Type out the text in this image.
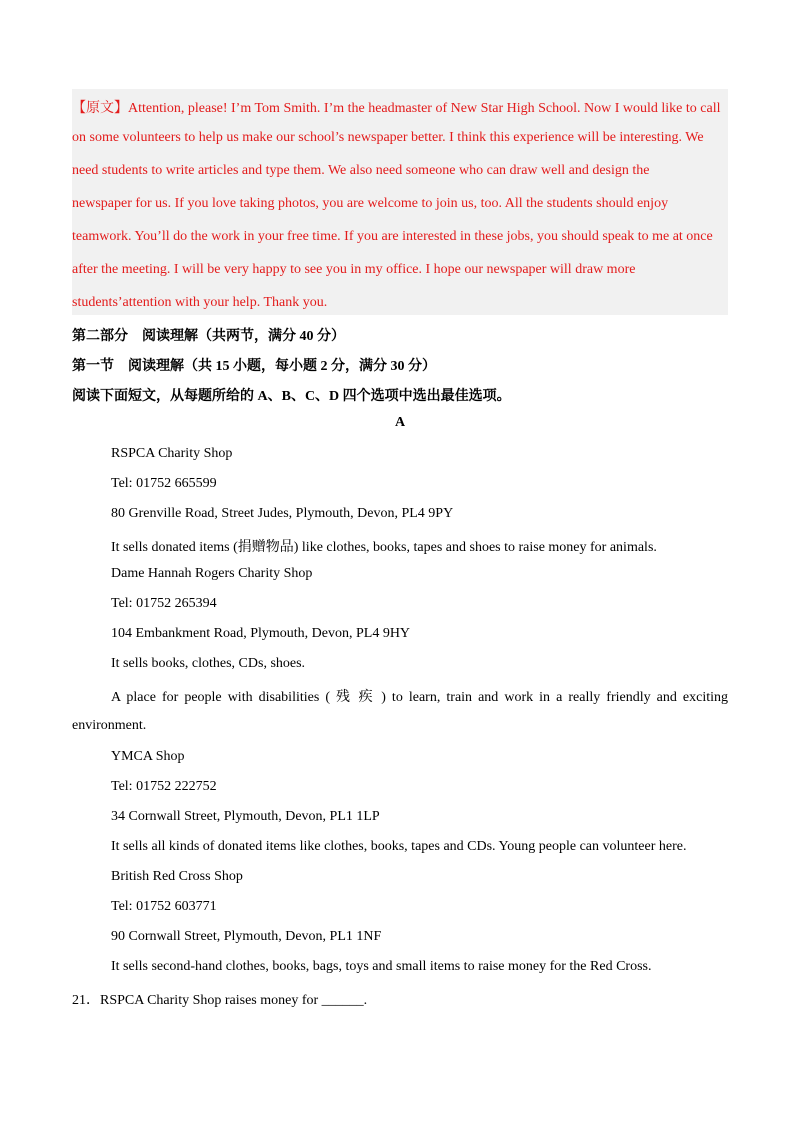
【原文】Attention, please! I’m Tom Smith. I’m the headmaster of New Star High School. Now I would like to call
on some volunteers to help us make our school’s newspaper better. I think this experience will be interesting. We
need students to write articles and type them. We also need someone who can draw well and design the
newspaper for us. If you love taking photos, you are welcome to join us, too. All the students should enjoy
teamwork. You’ll do the work in your free time. If you are interested in these jobs, you should speak to me at once
after the meeting. I will be very happy to see you in my office. I hope our newspaper will draw more
students’attention with your help. Thank you.
第二部分　阅读理解（共两节，满分 40 分）
第一节　阅读理解（共 15 小题，每小题 2 分，满分 30 分）
阅读下面短文，从每题所给的 A、B、C、D 四个选项中选出最佳选项。
A
RSPCA Charity Shop
Tel: 01752 665599
80 Grenville Road, Street Judes, Plymouth, Devon, PL4 9PY
It sells donated items (捐赠物品) like clothes, books, tapes and shoes to raise money for animals.
Dame Hannah Rogers Charity Shop
Tel: 01752 265394
104 Embankment Road, Plymouth, Devon, PL4 9HY
It sells books, clothes, CDs, shoes.
A place for people with disabilities ( 残 疾 ) to learn, train and work in a really friendly and exciting
environment.
YMCA Shop
Tel: 01752 222752
34 Cornwall Street, Plymouth, Devon, PL1 1LP
It sells all kinds of donated items like clothes, books, tapes and CDs. Young people can volunteer here.
British Red Cross Shop
Tel: 01752 603771
90 Cornwall Street, Plymouth, Devon, PL1 1NF
It sells second-hand clothes, books, bags, toys and small items to raise money for the Red Cross.
21．RSPCA Charity Shop raises money for ______.
